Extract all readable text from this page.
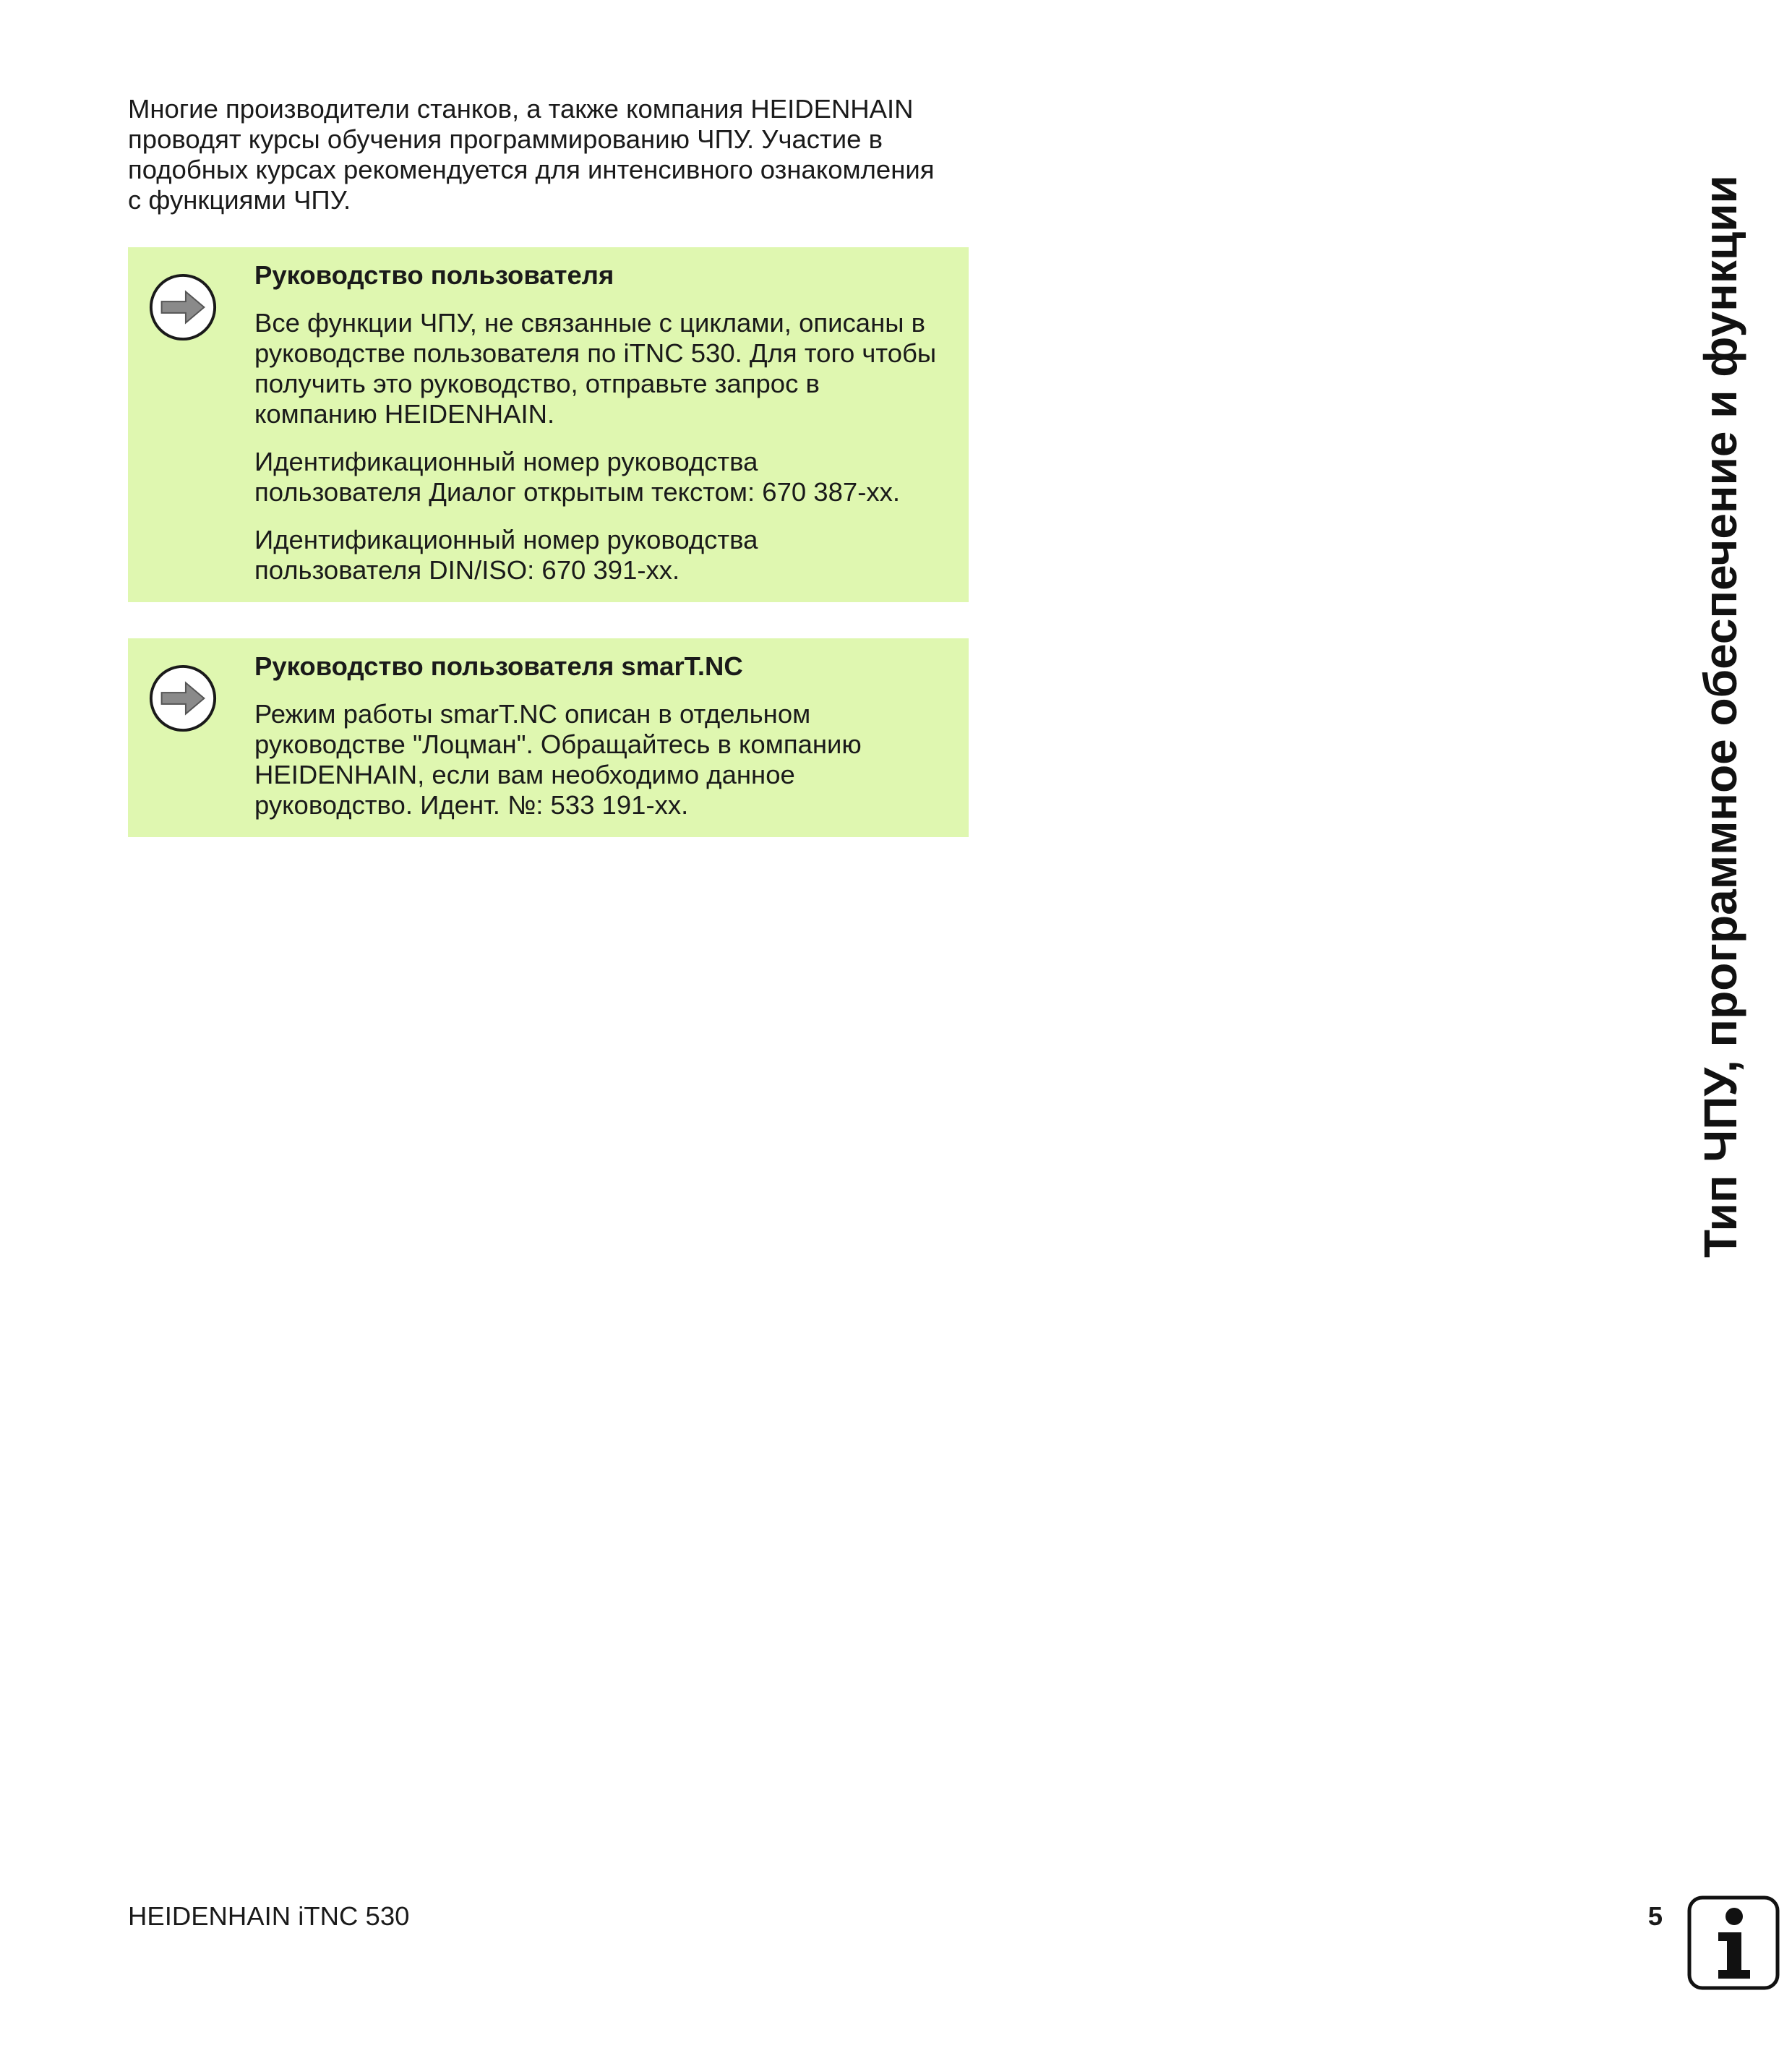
Многие производители станков, а также компания HEIDENHAIN
проводят курсы обучения программированию ЧПУ. Участие в
подобных курсах рекомендуется для интенсивного ознакомления
с функциями ЧПУ.
Руководство пользователя
Все функции ЧПУ, не связанные с циклами, описаны в
руководстве пользователя по iTNC 530. Для того чтобы
получить это руководство, отправьте запрос в
компанию HEIDENHAIN.
Идентификационный номер руководства
пользователя Диалог открытым текстом: 670 387-xx.
Идентификационный номер руководства
пользователя DIN/ISO: 670 391-xx.
Руководство пользователя smarT.NC
Режим работы smarT.NC описан в отдельном
руководстве "Лоцман". Обращайтесь в компанию
HEIDENHAIN, если вам необходимо данное
руководство. Идент. №: 533 191-xx.	Тип ЧПУ, программное обеспечение и функции
HEIDENHAIN iTNC 530	5
